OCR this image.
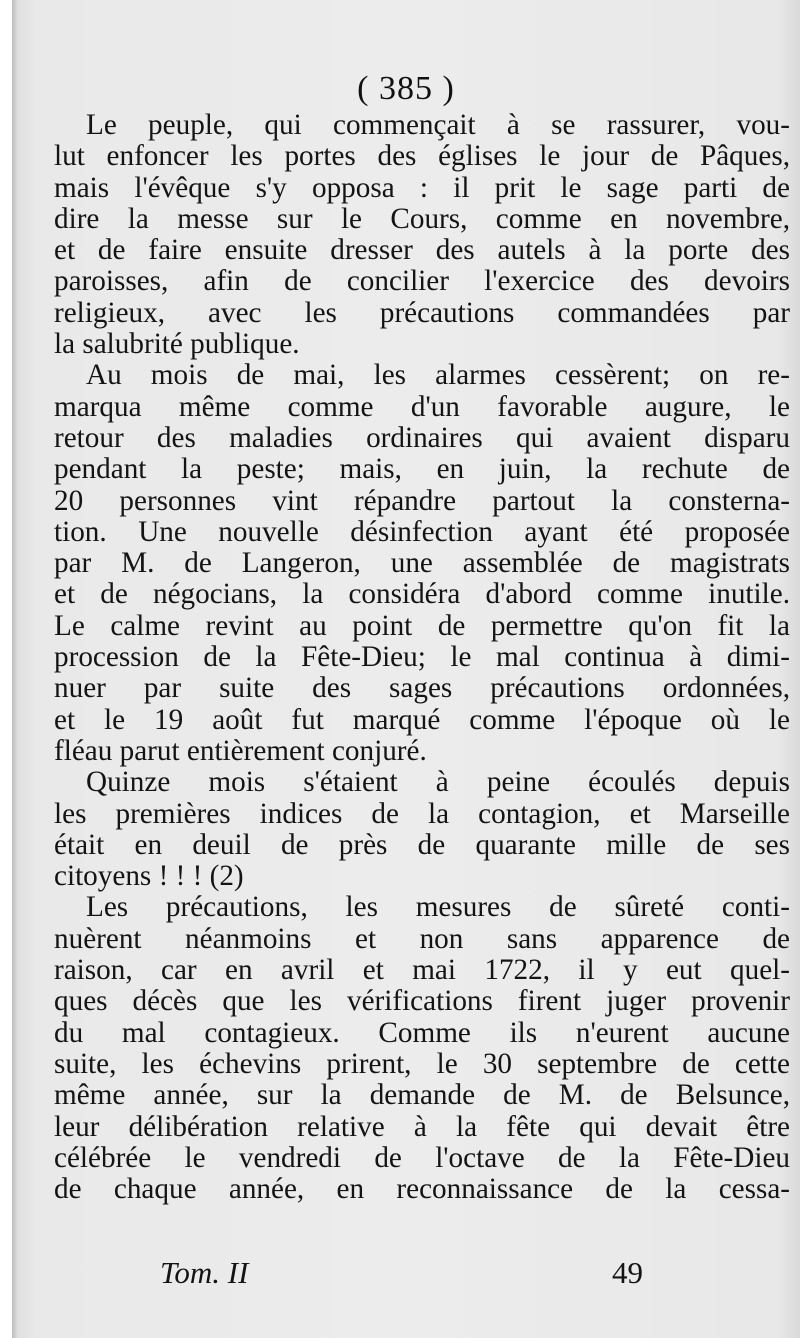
( 385 )
Le peuple, qui commençait à se rassurer, vou-
lut enfoncer les portes des églises le jour de Pâques,
mais l'évêque s'y opposa : il prit le sage parti de
dire la messe sur le Cours, comme en novembre,
et de faire ensuite dresser des autels à la porte des
paroisses, afin de concilier l'exercice des devoirs
religieux, avec les précautions commandées par
la salubrité publique.
Au mois de mai, les alarmes cessèrent; on re-
marqua même comme d'un favorable augure, le
retour des maladies ordinaires qui avaient disparu
pendant la peste; mais, en juin, la rechute de
20 personnes vint répandre partout la consterna-
tion. Une nouvelle désinfection ayant été proposée
par M. de Langeron, une assemblée de magistrats
et de négocians, la considéra d'abord comme inutile.
Le calme revint au point de permettre qu'on fit la
procession de la Fête-Dieu; le mal continua à dimi-
nuer par suite des sages précautions ordonnées,
et le 19 août fut marqué comme l'époque où le
fléau parut entièrement conjuré.
Quinze mois s'étaient à peine écoulés depuis
les premières indices de la contagion, et Marseille
était en deuil de près de quarante mille de ses
citoyens ! ! ! (2)
Les précautions, les mesures de sûreté conti-
nuèrent néanmoins et non sans apparence de
raison, car en avril et mai 1722, il y eut quel-
ques décès que les vérifications firent juger provenir
du mal contagieux. Comme ils n'eurent aucune
suite, les échevins prirent, le 30 septembre de cette
même année, sur la demande de M. de Belsunce,
leur délibération relative à la fête qui devait être
célébrée le vendredi de l'octave de la Fête-Dieu
de chaque année, en reconnaissance de la cessa-
Tom. II	49
